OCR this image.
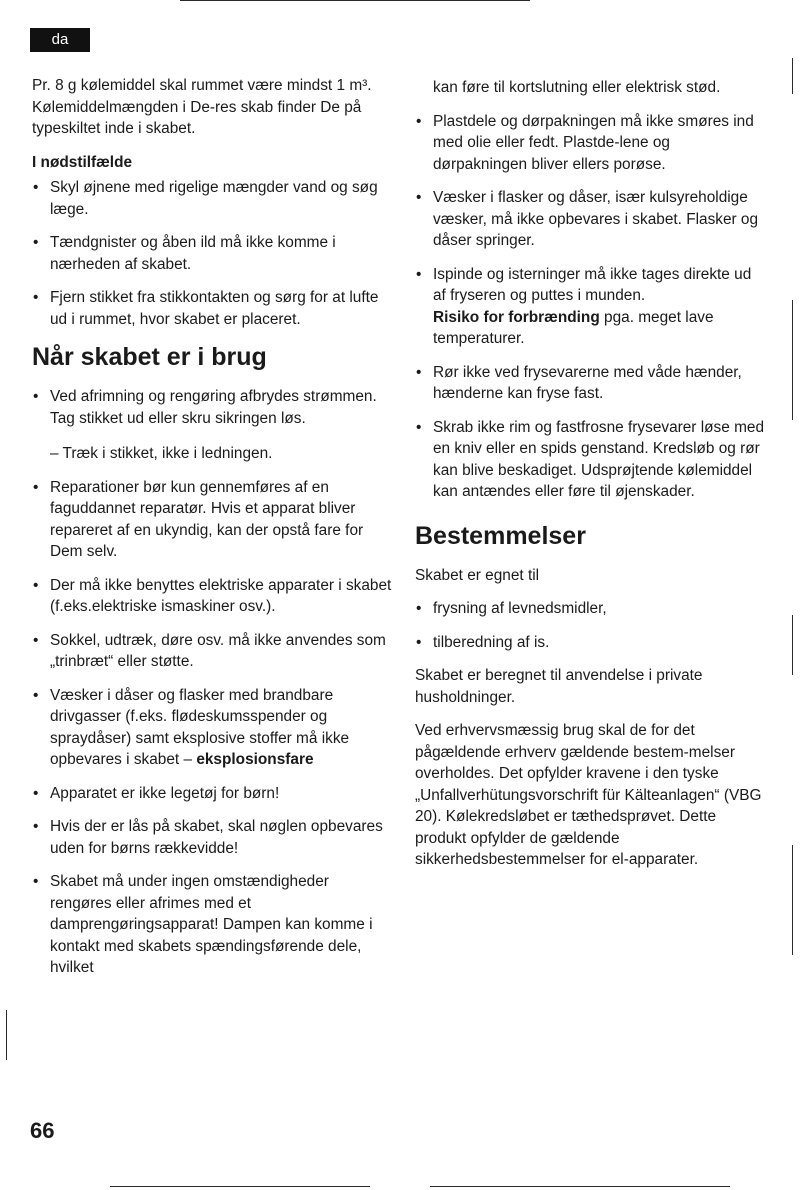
da

Pr. 8 g kølemiddel skal rummet være mindst 1 m³. Kølemiddelmængden i De-res skab finder De på typeskiltet inde i skabet.

I nødstilfælde

• Skyl øjnene med rigelige mængder vand og søg læge.
• Tændgnister og åben ild må ikke komme i nærheden af skabet.
• Fjern stikket fra stikkontakten og sørg for at lufte ud i rummet, hvor skabet er placeret.
Når skabet er i brug
• Ved afrimning og rengøring afbrydes strømmen. Tag stikket ud eller skru sikringen løs.
– Træk i stikket, ikke i ledningen.
• Reparationer bør kun gennemføres af en faguddannet reparatør. Hvis et apparat bliver repareret af en ukyndig, kan der opstå fare for Dem selv.
• Der må ikke benyttes elektriske apparater i skabet (f.eks.elektriske ismaskiner osv.).
• Sokkel, udtræk, døre osv. må ikke anvendes som „trinbræt“ eller støtte.
• Væsker i dåser og flasker med brandbare drivgasser (f.eks. flødeskumsspender og spraydåser) samt eksplosive stoffer må ikke opbevares i skabet – eksplosionsfare
• Apparatet er ikke legetøj for børn!
• Hvis der er lås på skabet, skal nøglen opbevares uden for børns rækkevidde!
• Skabet må under ingen omstændigheder rengøres eller afrimes med et damprengøringsapparat! Dampen kan komme i kontakt med skabets spændingsførende dele, hvilket

kan føre til kortslutning eller elektrisk stød.

• Plastdele og dørpakningen må ikke smøres ind med olie eller fedt. Plastde-lene og dørpakningen bliver ellers porøse.
• Væsker i flasker og dåser, især kulsyreholdige væsker, må ikke opbevares i skabet. Flasker og dåser springer.
• Ispinde og isterninger må ikke tages direkte ud af fryseren og puttes i munden.
Risiko for forbrænding pga. meget lave temperaturer.
• Rør ikke ved frysevarerne med våde hænder, hænderne kan fryse fast.
• Skrab ikke rim og fastfrosne frysevarer løse med en kniv eller en spids genstand. Kredsløb og rør kan blive beskadiget. Udsprøjtende kølemiddel kan antændes eller føre til øjenskader.
Bestemmelser

Skabet er egnet til

• frysning af levnedsmidler,
• tilberedning af is.

Skabet er beregnet til anvendelse i private husholdninger.

Ved erhvervsmæssig brug skal de for det pågældende erhverv gældende bestem-melser overholdes. Det opfylder kravene i den tyske „Unfallverhütungsvorschrift für Kälteanlagen“ (VBG 20). Kølekredsløbet er tæthedsprøvet. Dette produkt opfylder de gældende sikkerhedsbestemmelser for el-apparater.

66
